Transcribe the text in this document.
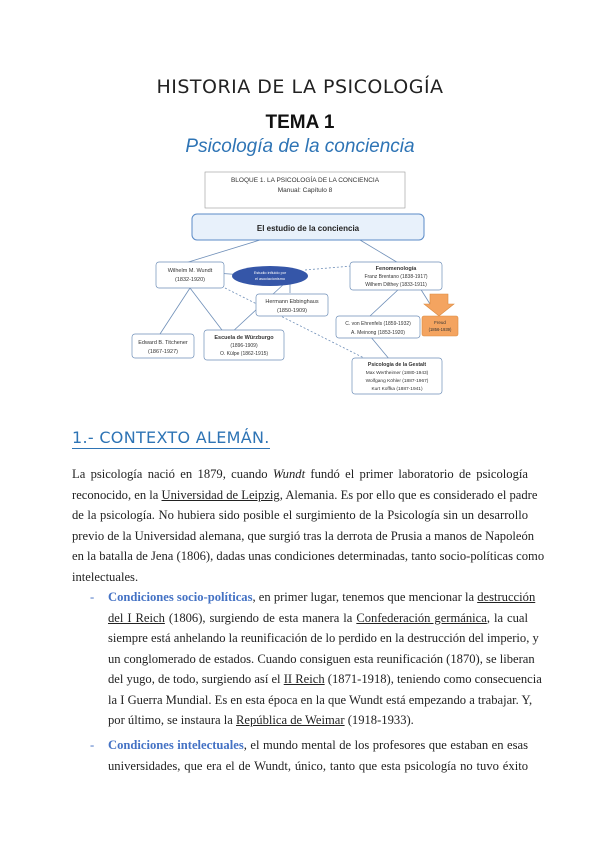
HISTORIA DE LA PSICOLOGÍA
TEMA 1
Psicología de la conciencia
BLOQUE 1. LA PSICOLOGÍA DE LA CONCIENCIA
Manual: Capítulo 8
El estudio de la conciencia
Wilhelm M. Wundt
(1832-1920)
Estudio influido por
el asociacionismo
Fenomenología
Franz Brentano (1838-1917)
Wilhem Dilthey (1833-1911)
Freud
(1856-1939)
Hermann Ebbinghaus
(1850-1909)
C. von Ehrenfels (1859-1932)
A. Meinong (1853-1920)
Edward B. Titchener
(1867-1927)
Escuela de Würzburgo
(1896-1909)
O. Külpe (1862-1915)
Psicología de la Gestalt
Max Wertheimer (1880-1943)
Wolfgang Köhler (1887-1967)
Kurt Koffka (1887-1941)
1.- CONTEXTO ALEMÁN.
La psicología nació en 1879, cuando Wundt fundó el primer laboratorio de psicología
reconocido, en la Universidad de Leipzig, Alemania. Es por ello que es considerado el padre
de la psicología. No hubiera sido posible el surgimiento de la Psicología sin un desarrollo
previo de la Universidad alemana, que surgió tras la derrota de Prusia a manos de Napoleón
en la batalla de Jena (1806), dadas unas condiciones determinadas, tanto socio-políticas como
intelectuales.
- Condiciones socio-políticas, en primer lugar, tenemos que mencionar la destrucción
del I Reich (1806), surgiendo de esta manera la Confederación germánica, la cual
siempre está anhelando la reunificación de lo perdido en la destrucción del imperio, y
un conglomerado de estados. Cuando consiguen esta reunificación (1870), se liberan
del yugo, de todo, surgiendo así el II Reich (1871-1918), teniendo como consecuencia
la I Guerra Mundial. Es en esta época en la que Wundt está empezando a trabajar. Y,
por último, se instaura la República de Weimar (1918-1933).
- Condiciones intelectuales, el mundo mental de los profesores que estaban en esas
universidades, que era el de Wundt, único, tanto que esta psicología no tuvo éxito
